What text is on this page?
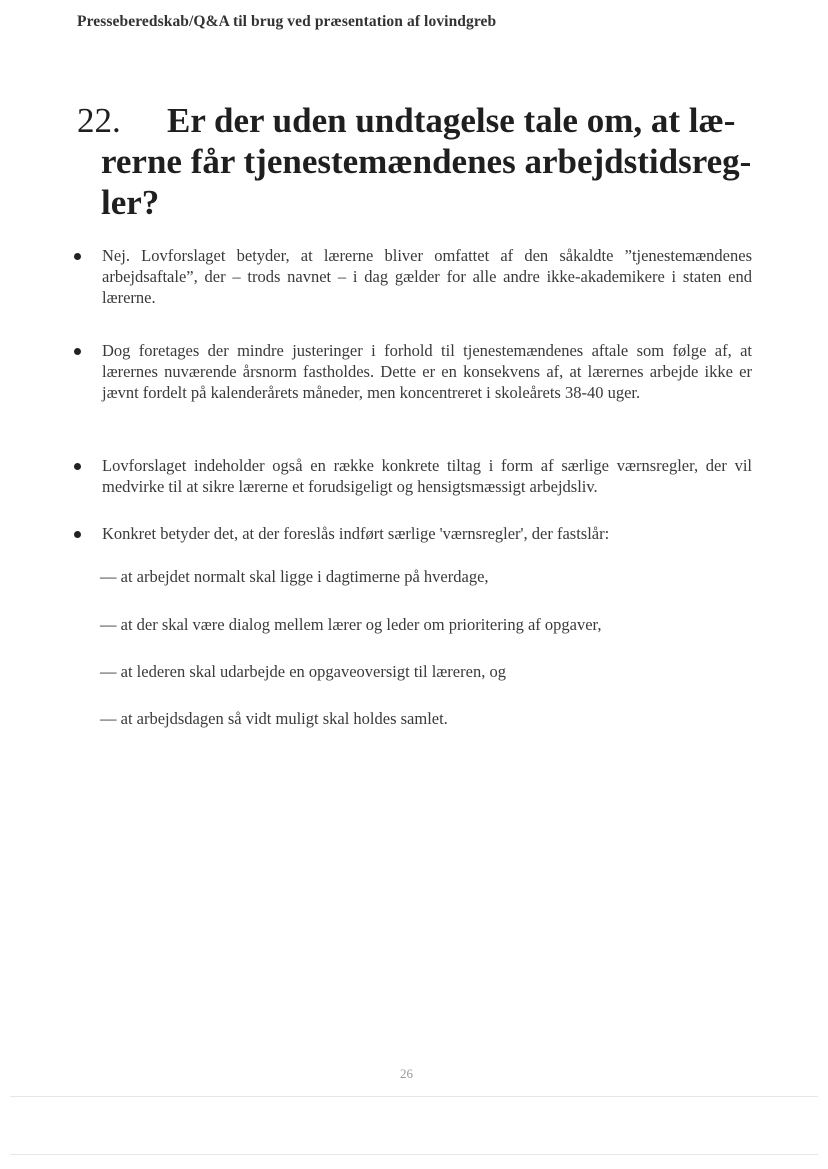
Presseberedskab/Q&A til brug ved præsentation af lovindgreb
22. Er der uden undtagelse tale om, at læ-
rerne får tjenestemændenes arbejdstidsreg-
ler?
Nej. Lovforslaget betyder, at lærerne bliver omfattet af den såkaldte ”tjenestemændenes arbejdsaftale”, der – trods navnet – i dag gælder for alle andre ikke-akademikere i staten end lærerne.
Dog foretages der mindre justeringer i forhold til tjenestemændenes aftale som følge af, at lærernes nuværende årsnorm fastholdes. Dette er en konsekvens af, at lærernes arbejde ikke er jævnt fordelt på kalenderårets måneder, men koncentreret i skoleårets 38-40 uger.
Lovforslaget indeholder også en række konkrete tiltag i form af særlige værnsregler, der vil medvirke til at sikre lærerne et forudsigeligt og hensigtsmæssigt arbejdsliv.
Konkret betyder det, at der foreslås indført særlige 'værnsregler', der fastslår:
— at arbejdet normalt skal ligge i dagtimerne på hverdage,
— at der skal være dialog mellem lærer og leder om prioritering af opgaver,
— at lederen skal udarbejde en opgaveoversigt til læreren, og
— at arbejdsdagen så vidt muligt skal holdes samlet.
26
